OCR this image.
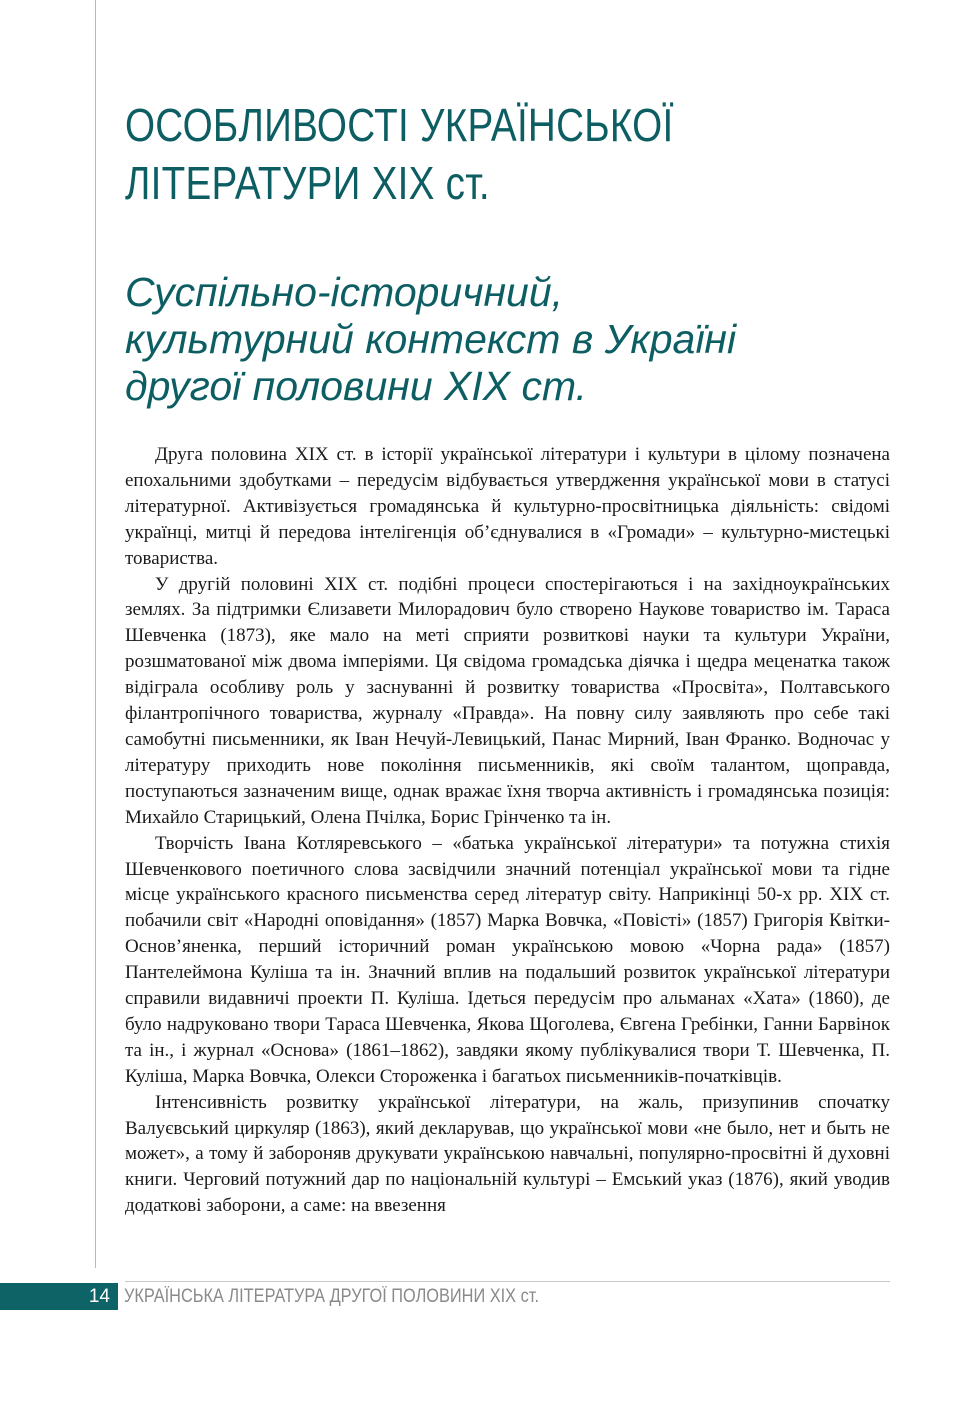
ОСОБЛИВОСТІ УКРАЇНСЬКОЇ
ЛІТЕРАТУРИ ХІХ ст.
Суспільно-історичний,
культурний контекст в Україні
другої половини ХІХ ст.

Друга половина ХІХ ст. в історії української літератури і культури в цілому позначена епохальними здобутками – передусім відбувається утвердження української мови в статусі літературної. Активізується громадянська й культурно-просвітницька діяльність: свідомі українці, митці й передова інтелігенція об’єднувалися в «Громади» – культурно-мистецькі товариства.

У другій половині ХІХ ст. подібні процеси спостерігаються і на західноукраїнських землях. За підтримки Єлизавети Милорадович було створено Наукове товариство ім. Тараса Шевченка (1873), яке мало на меті сприяти розвиткові науки та культури України, розшматованої між двома імперіями. Ця свідома громадська діячка і щедра меценатка також відіграла особливу роль у заснуванні й розвитку товариства «Просвіта», Полтавського філантропічного товариства, журналу «Правда». На повну силу заявляють про себе такі самобутні письменники, як Іван Нечуй-Левицький, Панас Мирний, Іван Франко. Водночас у літературу приходить нове покоління письменників, які своїм талантом, щоправда, поступаються зазначеним вище, однак вражає їхня творча активність і громадянська позиція: Михайло Старицький, Олена Пчілка, Борис Грінченко та ін.

Творчість Івана Котляревського – «батька української літератури» та потужна стихія Шевченкового поетичного слова засвідчили значний потенціал української мови та гідне місце українського красного письменства серед літератур світу. Наприкінці 50-х рр. ХІХ ст. побачили світ «Народні оповідання» (1857) Марка Вовчка, «Повісті» (1857) Григорія Квітки-Основ’яненка, перший історичний роман українською мовою «Чорна рада» (1857) Пантелеймона Куліша та ін. Значний вплив на подальший розвиток української літератури справили видавничі проекти П. Куліша. Ідеться передусім про альманах «Хата» (1860), де було надруковано твори Тараса Шевченка, Якова Щоголева, Євгена Гребінки, Ганни Барвінок та ін., і журнал «Основа» (1861–1862), завдяки якому публікувалися твори Т. Шевченка, П. Куліша, Марка Вовчка, Олекси Стороженка і багатьох письменників-початківців.

Інтенсивність розвитку української літератури, на жаль, призупинив спочатку Валуєвський циркуляр (1863), який декларував, що української мови «не было, нет и быть не может», а тому й забороняв друкувати українською навчальні, популярно-просвітні й духовні книги. Черговий потужний дар по національній культурі – Емський указ (1876), який уводив додаткові заборони, а саме: на ввезення

14 УКРАЇНСЬКА ЛІТЕРАТУРА ДРУГОЇ ПОЛОВИНИ ХІХ ст.
